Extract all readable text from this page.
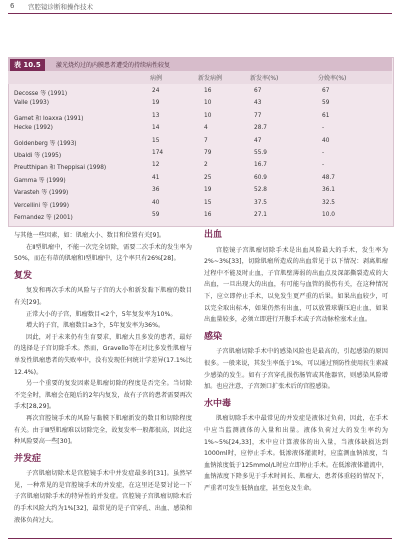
6 宫腔镜诊断和操作技术
表 10.5	激光烧灼过的内膜患者遭受的持续病性较复
病例	新发病例	新发率(%)	分娩率(%)
Decosse 等 (1991)	24	16	67	67
Valle (1993)	19	10	43	59
Gamet 和 Ioaxxa (1991)	13	10	77	61
Hecke (1992)	14	4	28.7	-
Goldenberg 等 (1993)	15	7	47	40
Ubaldi 等 (1995)	174	79	55.9	-
Preutthipan 和 Theppisai (1998)	12	2	16.7	-
Gamma 等 (1999)	41	25	60.9	48.7
Varasteh 等 (1999)	36	19	52.8	36.1
Vercellini 等 (1999)	40	15	37.5	32.5
Fernandez 等 (2001)	59	16	27.1	10.0

与其他一些因素，如：肌瘤大小、数目和位置有关[9]。

在Ⅱ型肌瘤中，不能一次完全切除，需要二次手术的发生率为50%，而在有蒂的肌瘤和Ⅰ型肌瘤中，这个率只有26%[28]。

复发

复发和再次手术的风险与子宫的大小和新发黏下肌瘤的数目有关[29]。

正常大小的子宫，肌瘤数目<2个，5年复发率为10%。

增大的子宫，肌瘤数目≥3个，5年复发率为36%。

因此，对于未来仍有生育要求，肌瘤大且多发的患者，最好的选择是子宫切除手术。然而，Gravello等在对比多发性肌瘤与单发性肌瘤患者的失败率中，没有发现任何统计学差异(17.1%比12.4%)。

另一个重要的复发因素是肌瘤切除的程度是否完全。当切除不完全时，肌瘤会在随后的2年内复发，故有子宫的患者需要再次手术[28,29]。

再次宫腔镜手术的风险与黏膜下肌瘤新发的数目和切除程度有关。由于Ⅲ型肌瘤难以切除完全，故复发率一般都很高，因此这种风险要高一些[30]。

并发症

子宫肌瘤切除术是宫腔镜手术中并发症最多的[31]。虽然罕见，一种常见的是宫腔镜手术的并发症，在这里还是要讨论一下子宫肌瘤切除手术的特异性的并发症。宫腔镜子宫肌瘤切除术后的手术风险大约为1%[32]，最常见的是子宫穿孔、出血、感染和液体负荷过大。

出血

宫腔镜子宫肌瘤切除手术是出血风险最大的手术，发生率为2%~3%[33]，切除肌瘤所造成的出血常见于以下情况：剥离肌瘤过程中不能及时止血，子宫肌壁薄弱的出血点及深部撕裂造成的大出血，一旦出现大的出血，有可能与血管的损伤有关，在这种情况下，应立即停止手术，以免发生更严重的后果。如果出血较少，可以完全取出标本，如果仍然有出血，可以放置球囊压迫止血，如果出血量较多，必须立即进行开腹手术或子宫动脉栓塞术止血。

感染

子宫肌瘤切除手术中的感染风险也是最高的，引起感染的原因很多。一般来说，其发生率低于1%，可以通过预防性使用抗生素减少感染的发生。如有子宫穿孔损伤肠管或其他器官，则感染风险增加。也应注意，子宫颈口扩张术后的宫腔感染。

水中毒

肌瘤切除手术中最常见的并发症是液体过负荷，因此，在手术中应当监测液体的入量和出量。液体负荷过大的发生率约为1%~5%[24,33]，术中应计算液体的出入量，当液体缺损达到1000ml时，应停止手术。低渗液体灌流时，应监测血钠浓度，当血钠浓度低于125mmol/L时应立即停止手术。在低渗液体灌流中，血钠浓度下降多见于手术时间长、肌瘤大、患者体重轻的情况下，严重者可发生低钠血症，甚至危及生命。
